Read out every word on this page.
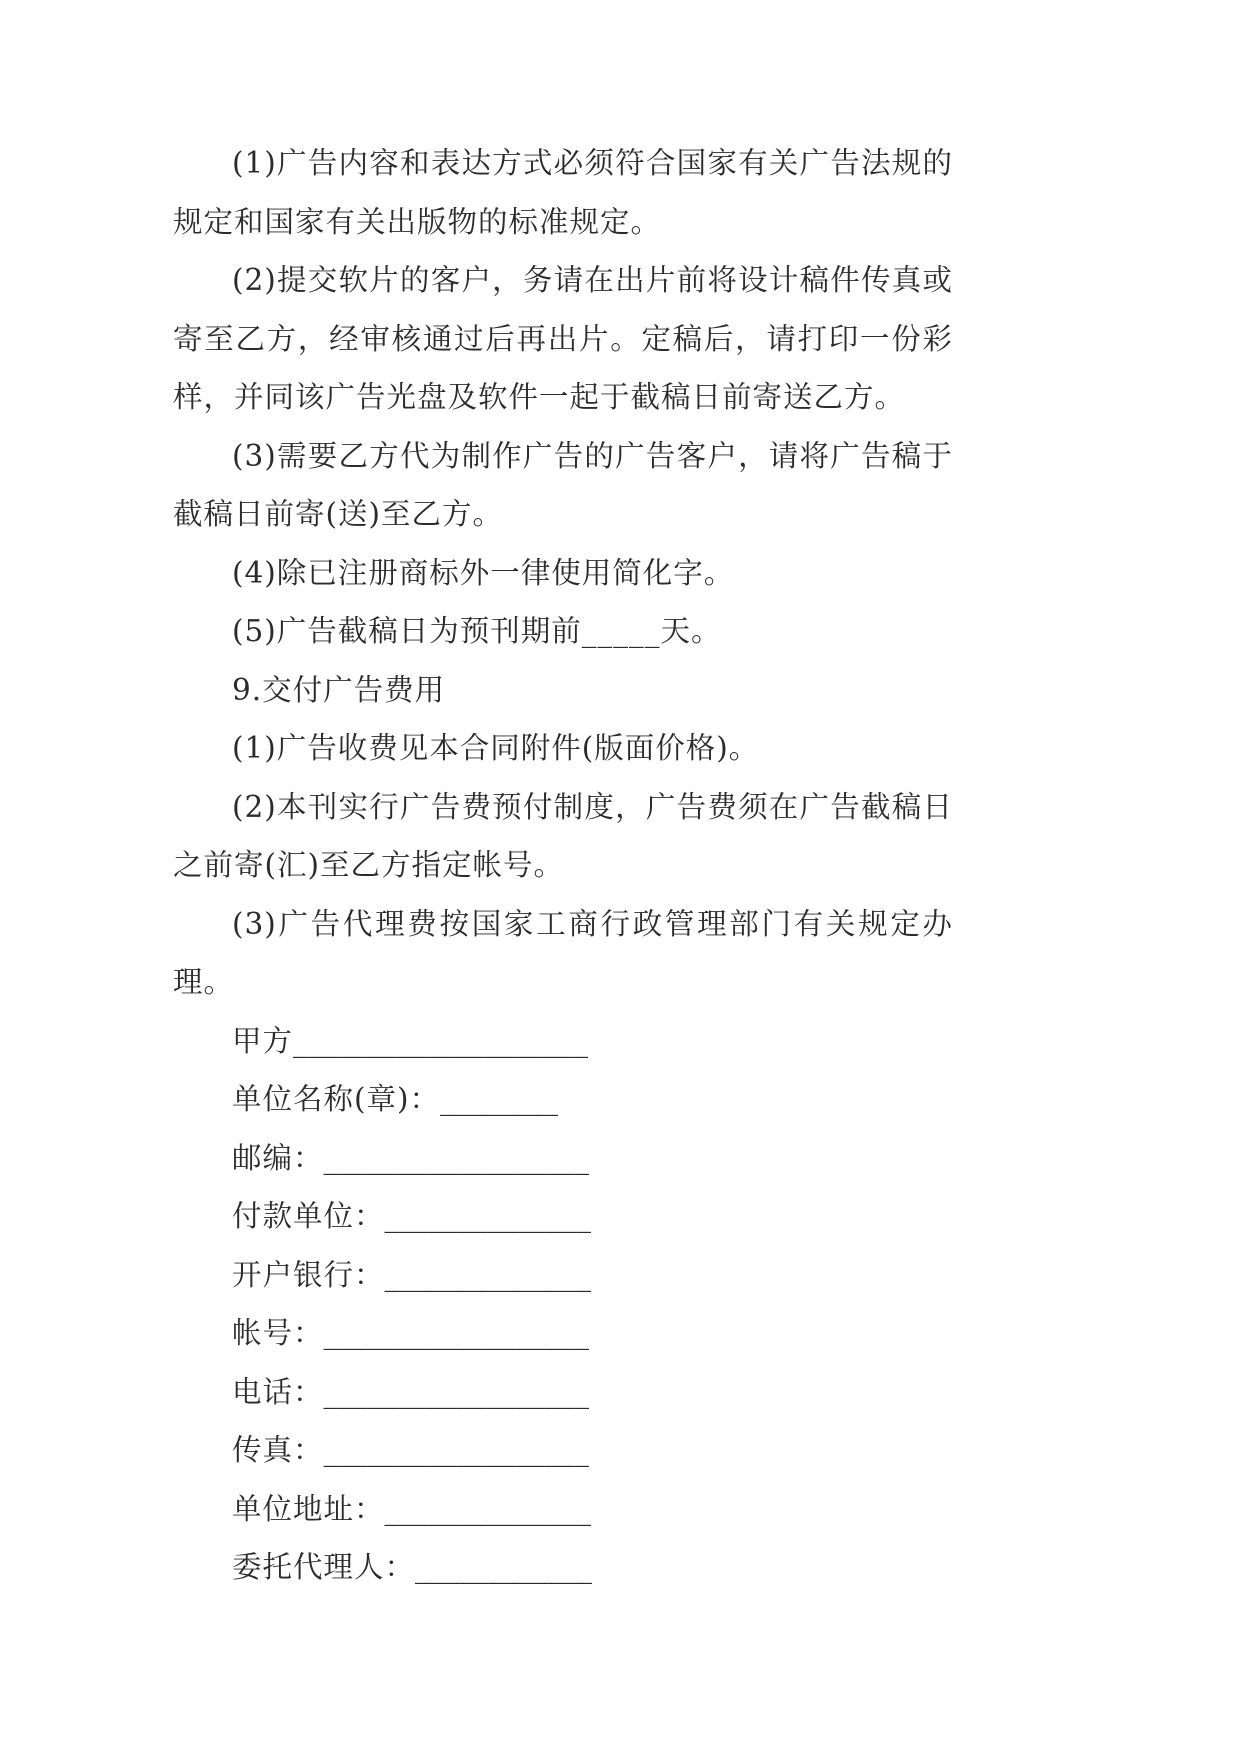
(1)广告内容和表达方式必须符合国家有关广告法规的规定和国家有关出版物的标准规定。

(2)提交软片的客户，务请在出片前将设计稿件传真或寄至乙方，经审核通过后再出片。定稿后，请打印一份彩样，并同该广告光盘及软件一起于截稿日前寄送乙方。

(3)需要乙方代为制作广告的广告客户，请将广告稿于截稿日前寄(送)至乙方。

(4)除已注册商标外一律使用简化字。

(5)广告截稿日为预刊期前_____天。

9.交付广告费用

(1)广告收费见本合同附件(版面价格)。

(2)本刊实行广告费预付制度，广告费须在广告截稿日之前寄(汇)至乙方指定帐号。

(3)广告代理费按国家工商行政管理部门有关规定办理。

甲方____________________

单位名称(章)：________

邮编：__________________

付款单位：______________

开户银行：______________

帐号：__________________

电话：__________________

传真：__________________

单位地址：______________

委托代理人：____________
